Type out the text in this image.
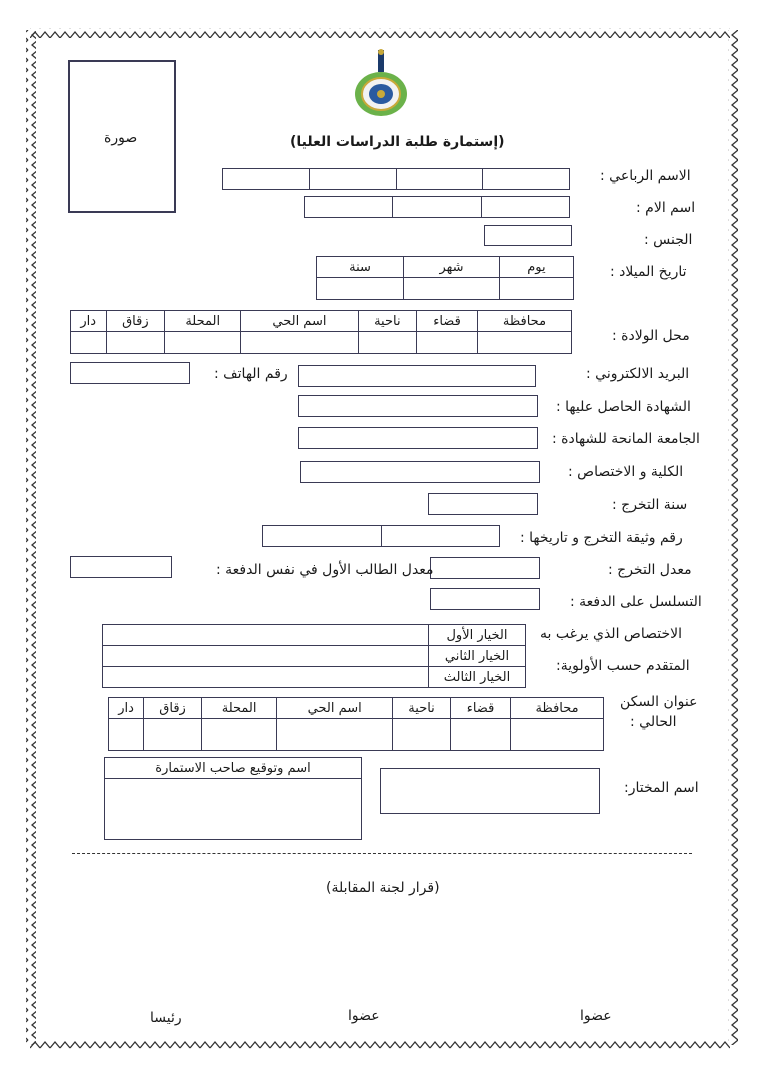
(إستمارة طلبة الدراسات العليا)
صورة
الاسم الرباعي :
اسم الام :
الجنس :
تاريخ الميلاد :
سنة	شهر	يوم

محل الولادة :
دار	زقاق	المحلة	اسم الحي	ناحية	قضاء	محافظة

البريد الالكتروني :
رقم الهاتف :
الشهادة الحاصل عليها :
الجامعة المانحة للشهادة :
الكلية و الاختصاص :
سنة التخرج :
رقم وثيقة التخرج و تاريخها :
معدل التخرج :
معدل الطالب الأول في نفس الدفعة :
التسلسل على الدفعة :
الاختصاص الذي يرغب به
المتقدم حسب الأولوية:
	الخيار الأول
	الخيار الثاني
	الخيار الثالث
عنوان السكن
الحالي :
دار	زقاق	المحلة	اسم الحي	ناحية	قضاء	محافظة

اسم وتوقيع صاحب الاستمارة

اسم المختار:
(قرار لجنة المقابلة)
عضوا
عضوا
رئيسا
